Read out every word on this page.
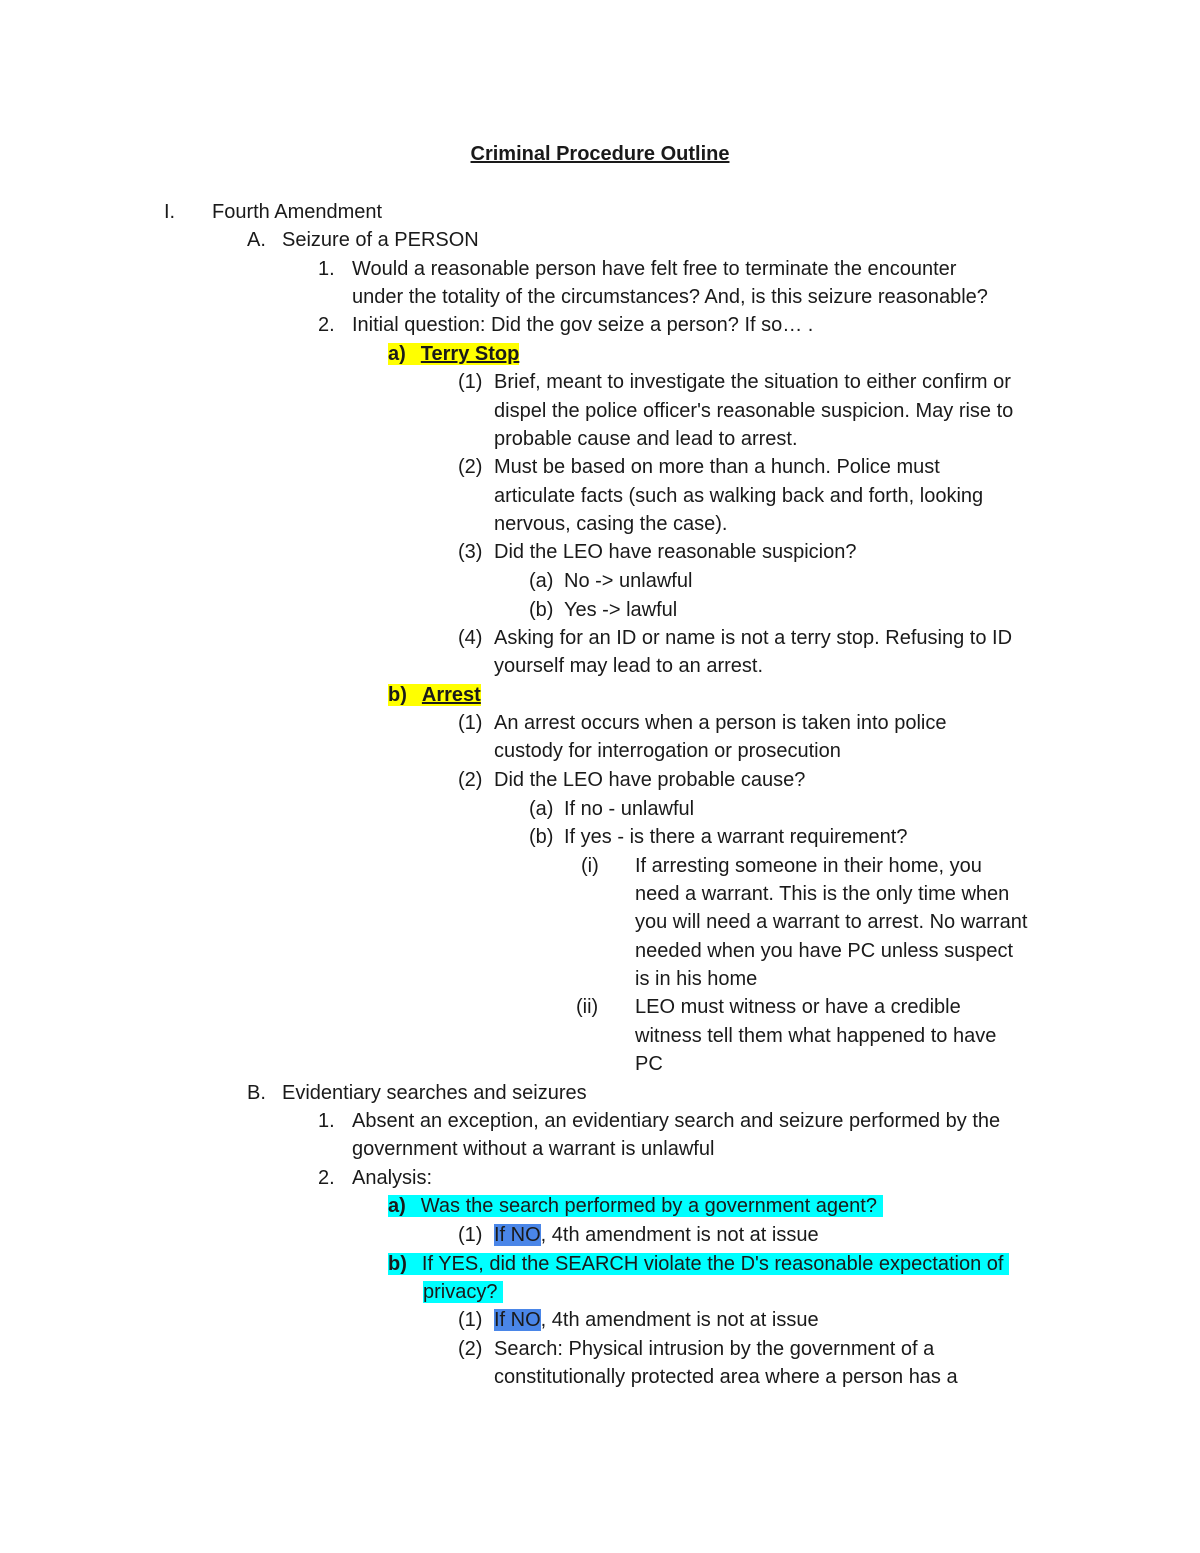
Criminal Procedure Outline
I. Fourth Amendment
A. Seizure of a PERSON
1. Would a reasonable person have felt free to terminate the encounter
under the totality of the circumstances? And, is this seizure reasonable?
2. Initial question: Did the gov seize a person? If so… .
a) Terry Stop
(1) Brief, meant to investigate the situation to either confirm or
dispel the police officer's reasonable suspicion. May rise to
probable cause and lead to arrest.
(2) Must be based on more than a hunch. Police must
articulate facts (such as walking back and forth, looking
nervous, casing the case).
(3) Did the LEO have reasonable suspicion?
(a) No -> unlawful
(b) Yes -> lawful
(4) Asking for an ID or name is not a terry stop. Refusing to ID
yourself may lead to an arrest.
b) Arrest
(1) An arrest occurs when a person is taken into police
custody for interrogation or prosecution
(2) Did the LEO have probable cause?
(a) If no - unlawful
(b) If yes - is there a warrant requirement?
(i) If arresting someone in their home, you
need a warrant. This is the only time when
you will need a warrant to arrest. No warrant
needed when you have PC unless suspect
is in his home
(ii) LEO must witness or have a credible
witness tell them what happened to have
PC
B. Evidentiary searches and seizures
1. Absent an exception, an evidentiary search and seizure performed by the
government without a warrant is unlawful
2. Analysis:
a) Was the search performed by a government agent?
(1) If NO, 4th amendment is not at issue
b) If YES, did the SEARCH violate the D's reasonable expectation of
privacy?
(1) If NO, 4th amendment is not at issue
(2) Search: Physical intrusion by the government of a
constitutionally protected area where a person has a
